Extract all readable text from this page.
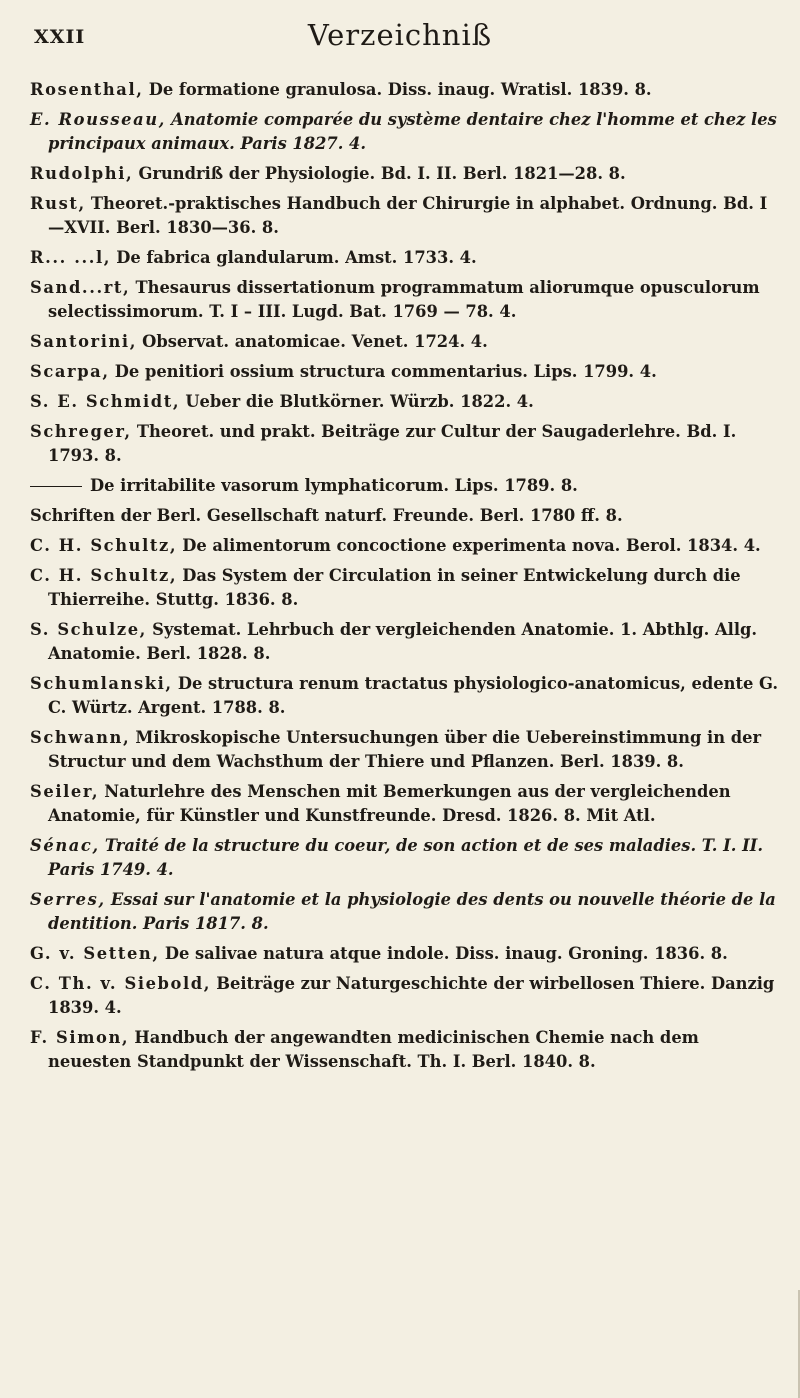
XXII	Verzeichniß
Rosenthal, De formatione granulosa. Diss. inaug. Wratisl. 1839. 8.
E. Rousseau, Anatomie comparée du système dentaire chez l'homme et chez les principaux animaux. Paris 1827. 4.
Rudolphi, Grundriß der Physiologie. Bd. I. II. Berl. 1821—28. 8.
Rust, Theoret.-praktisches Handbuch der Chirurgie in alphabet. Ordnung. Bd. I—XVII. Berl. 1830—36. 8.
R... ...l, De fabrica glandularum. Amst. 1733. 4.
Sand...rt, Thesaurus dissertationum programmatum aliorumque opusculorum selectissimorum. T. I – III. Lugd. Bat. 1769 — 78. 4.
Santorini, Observat. anatomicae. Venet. 1724. 4.
Scarpa, De penitiori ossium structura commentarius. Lips. 1799. 4.
S. E. Schmidt, Ueber die Blutkörner. Würzb. 1822. 4.
Schreger, Theoret. und prakt. Beiträge zur Cultur der Saugaderlehre. Bd. I. 1793. 8.
De irritabilite vasorum lymphaticorum. Lips. 1789. 8.
Schriften der Berl. Gesellschaft naturf. Freunde. Berl. 1780 ff. 8.
C. H. Schultz, De alimentorum concoctione experimenta nova. Berol. 1834. 4.
C. H. Schultz, Das System der Circulation in seiner Entwickelung durch die Thierreihe. Stuttg. 1836. 8.
S. Schulze, Systemat. Lehrbuch der vergleichenden Anatomie. 1. Abthlg. Allg. Anatomie. Berl. 1828. 8.
Schumlanski, De structura renum tractatus physiologico-anatomicus, edente G. C. Würtz. Argent. 1788. 8.
Schwann, Mikroskopische Untersuchungen über die Uebereinstimmung in der Structur und dem Wachsthum der Thiere und Pflanzen. Berl. 1839. 8.
Seiler, Naturlehre des Menschen mit Bemerkungen aus der vergleichenden Anatomie, für Künstler und Kunstfreunde. Dresd. 1826. 8. Mit Atl.
Sénac, Traité de la structure du coeur, de son action et de ses maladies. T. I. II. Paris 1749. 4.
Serres, Essai sur l'anatomie et la physiologie des dents ou nouvelle théorie de la dentition. Paris 1817. 8.
G. v. Setten, De salivae natura atque indole. Diss. inaug. Groning. 1836. 8.
C. Th. v. Siebold, Beiträge zur Naturgeschichte der wirbellosen Thiere. Danzig 1839. 4.
F. Simon, Handbuch der angewandten medicinischen Chemie nach dem neuesten Standpunkt der Wissenschaft. Th. I. Berl. 1840. 8.
